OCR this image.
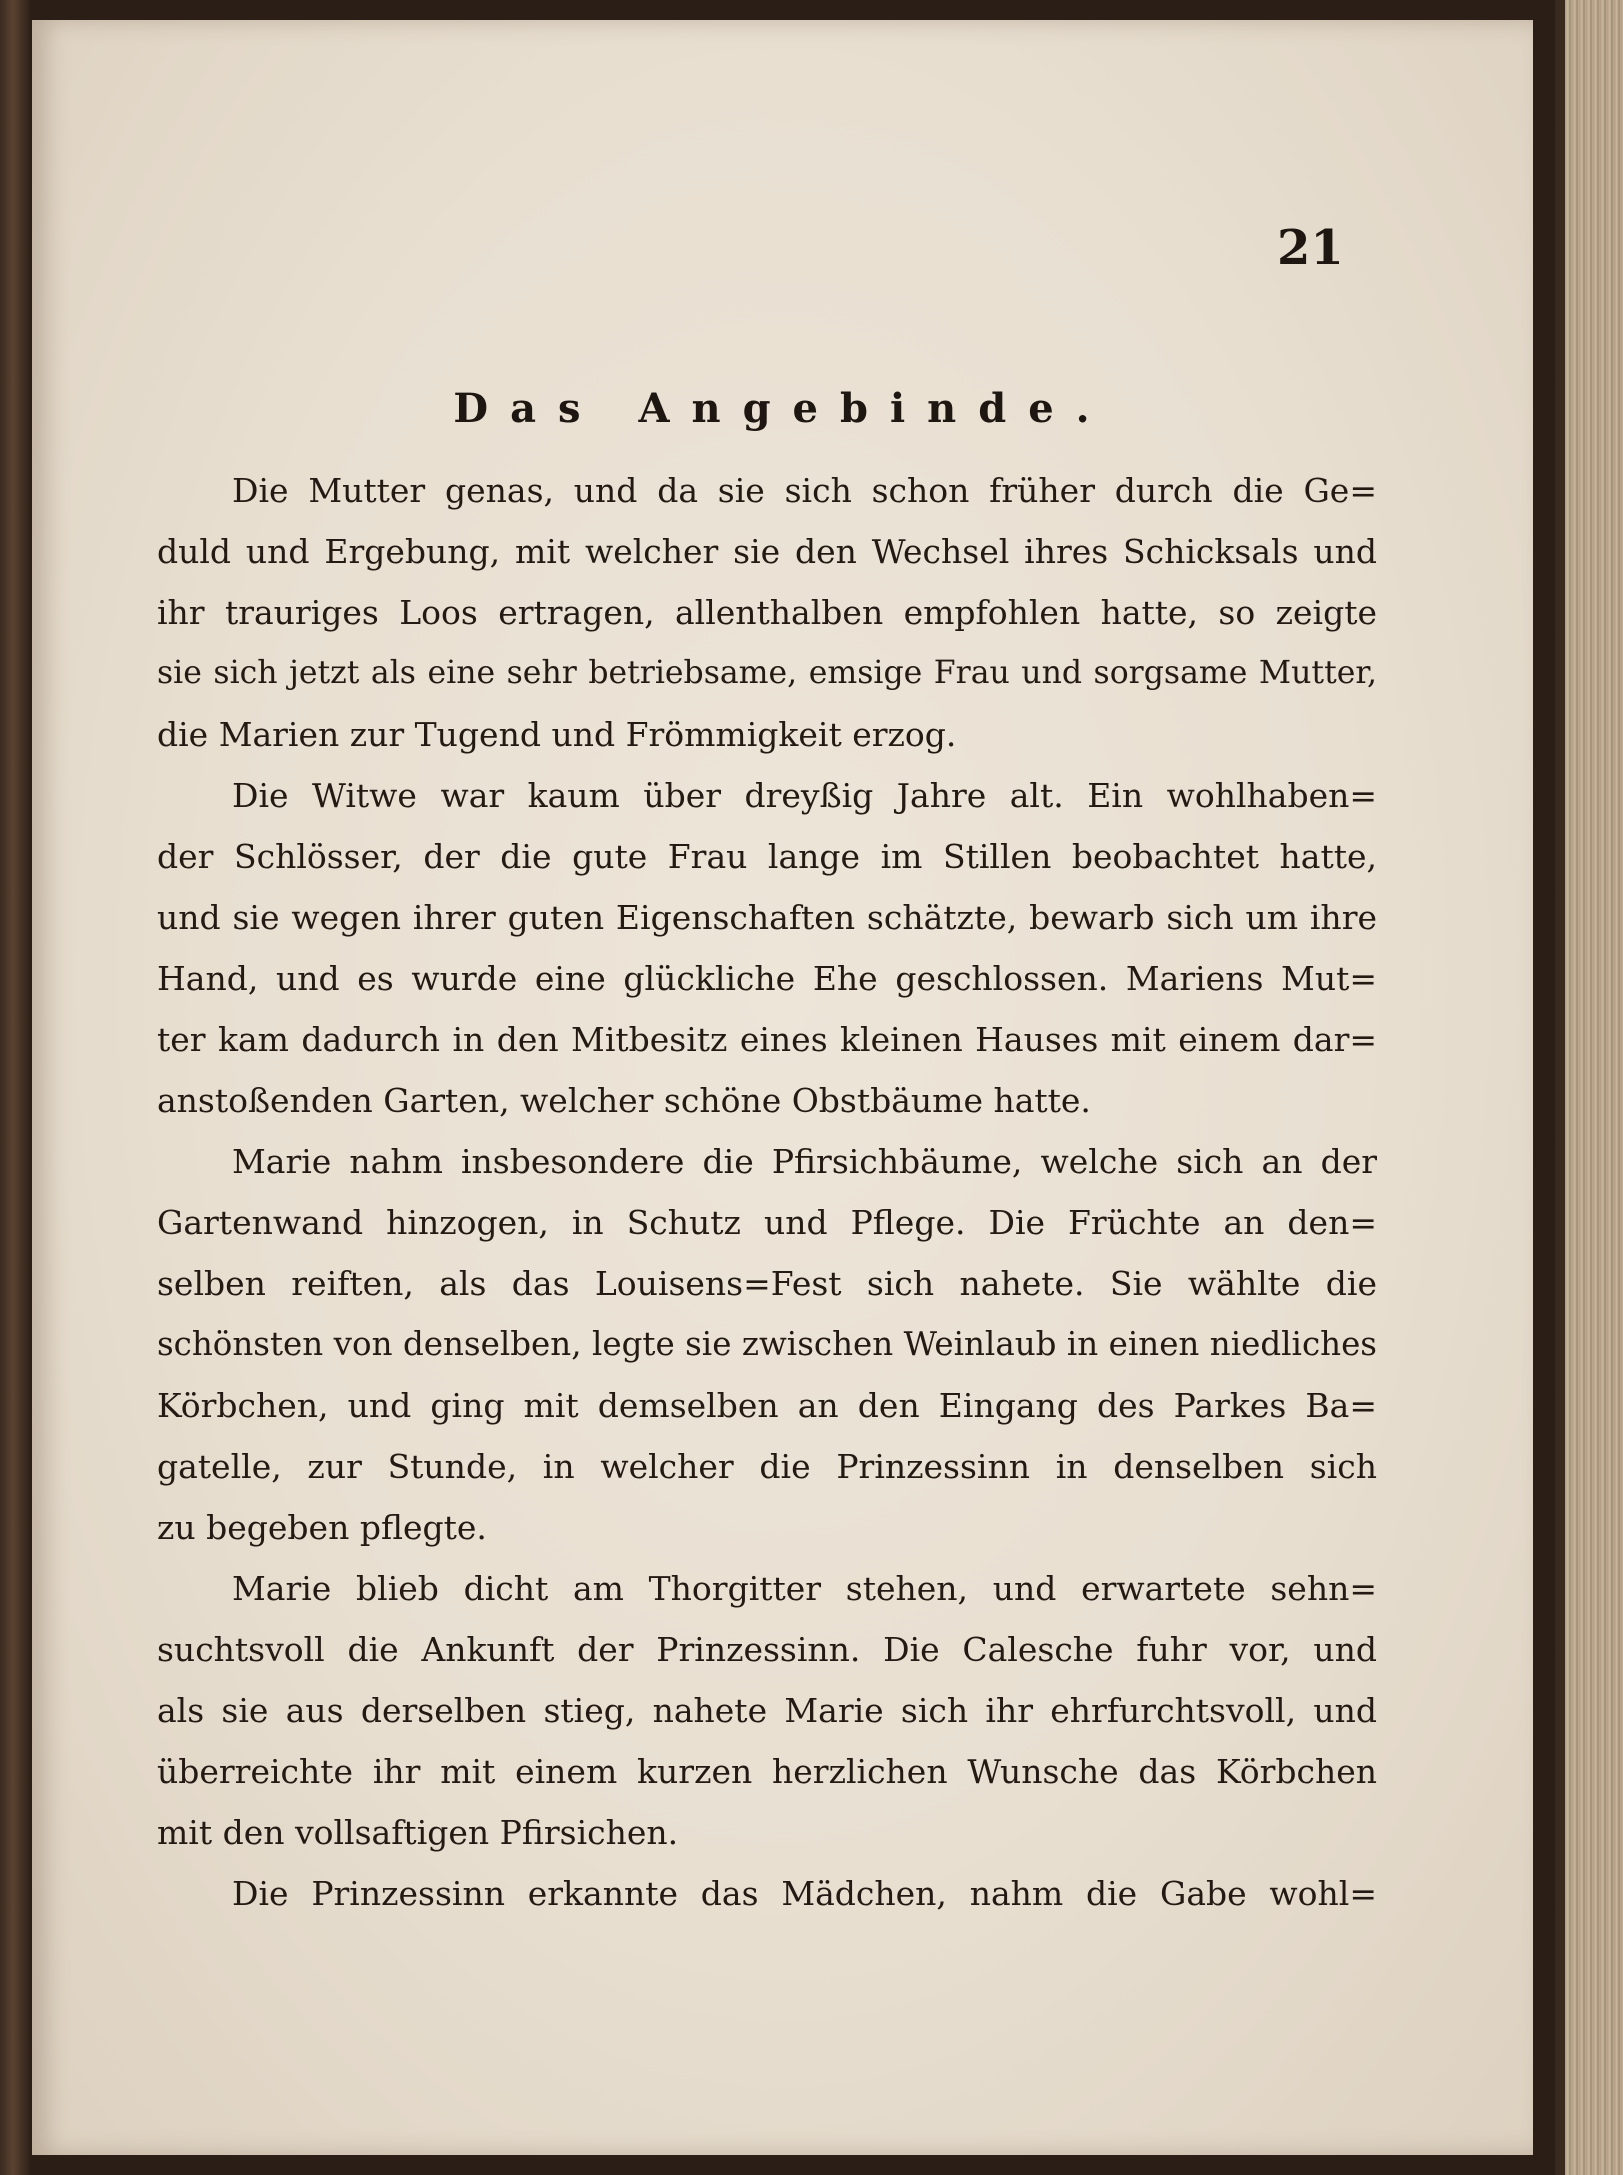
21
Das Angebinde.
Die Mutter genas, und da sie sich schon früher durch die Ge=
duld und Ergebung, mit welcher sie den Wechsel ihres Schicksals und
ihr trauriges Loos ertragen, allenthalben empfohlen hatte, so zeigte
sie sich jetzt als eine sehr betriebsame, emsige Frau und sorgsame Mutter,
die Marien zur Tugend und Frömmigkeit erzog.
Die Witwe war kaum über dreyßig Jahre alt. Ein wohlhaben=
der Schlösser, der die gute Frau lange im Stillen beobachtet hatte,
und sie wegen ihrer guten Eigenschaften schätzte, bewarb sich um ihre
Hand, und es wurde eine glückliche Ehe geschlossen. Mariens Mut=
ter kam dadurch in den Mitbesitz eines kleinen Hauses mit einem dar=
anstoßenden Garten, welcher schöne Obstbäume hatte.
Marie nahm insbesondere die Pfirsichbäume, welche sich an der
Gartenwand hinzogen, in Schutz und Pflege. Die Früchte an den=
selben reiften, als das Louisens=Fest sich nahete. Sie wählte die
schönsten von denselben, legte sie zwischen Weinlaub in einen niedliches
Körbchen, und ging mit demselben an den Eingang des Parkes Ba=
gatelle, zur Stunde, in welcher die Prinzessinn in denselben sich
zu begeben pflegte.
Marie blieb dicht am Thorgitter stehen, und erwartete sehn=
suchtsvoll die Ankunft der Prinzessinn. Die Calesche fuhr vor, und
als sie aus derselben stieg, nahete Marie sich ihr ehrfurchtsvoll, und
überreichte ihr mit einem kurzen herzlichen Wunsche das Körbchen
mit den vollsaftigen Pfirsichen.
Die Prinzessinn erkannte das Mädchen, nahm die Gabe wohl=
